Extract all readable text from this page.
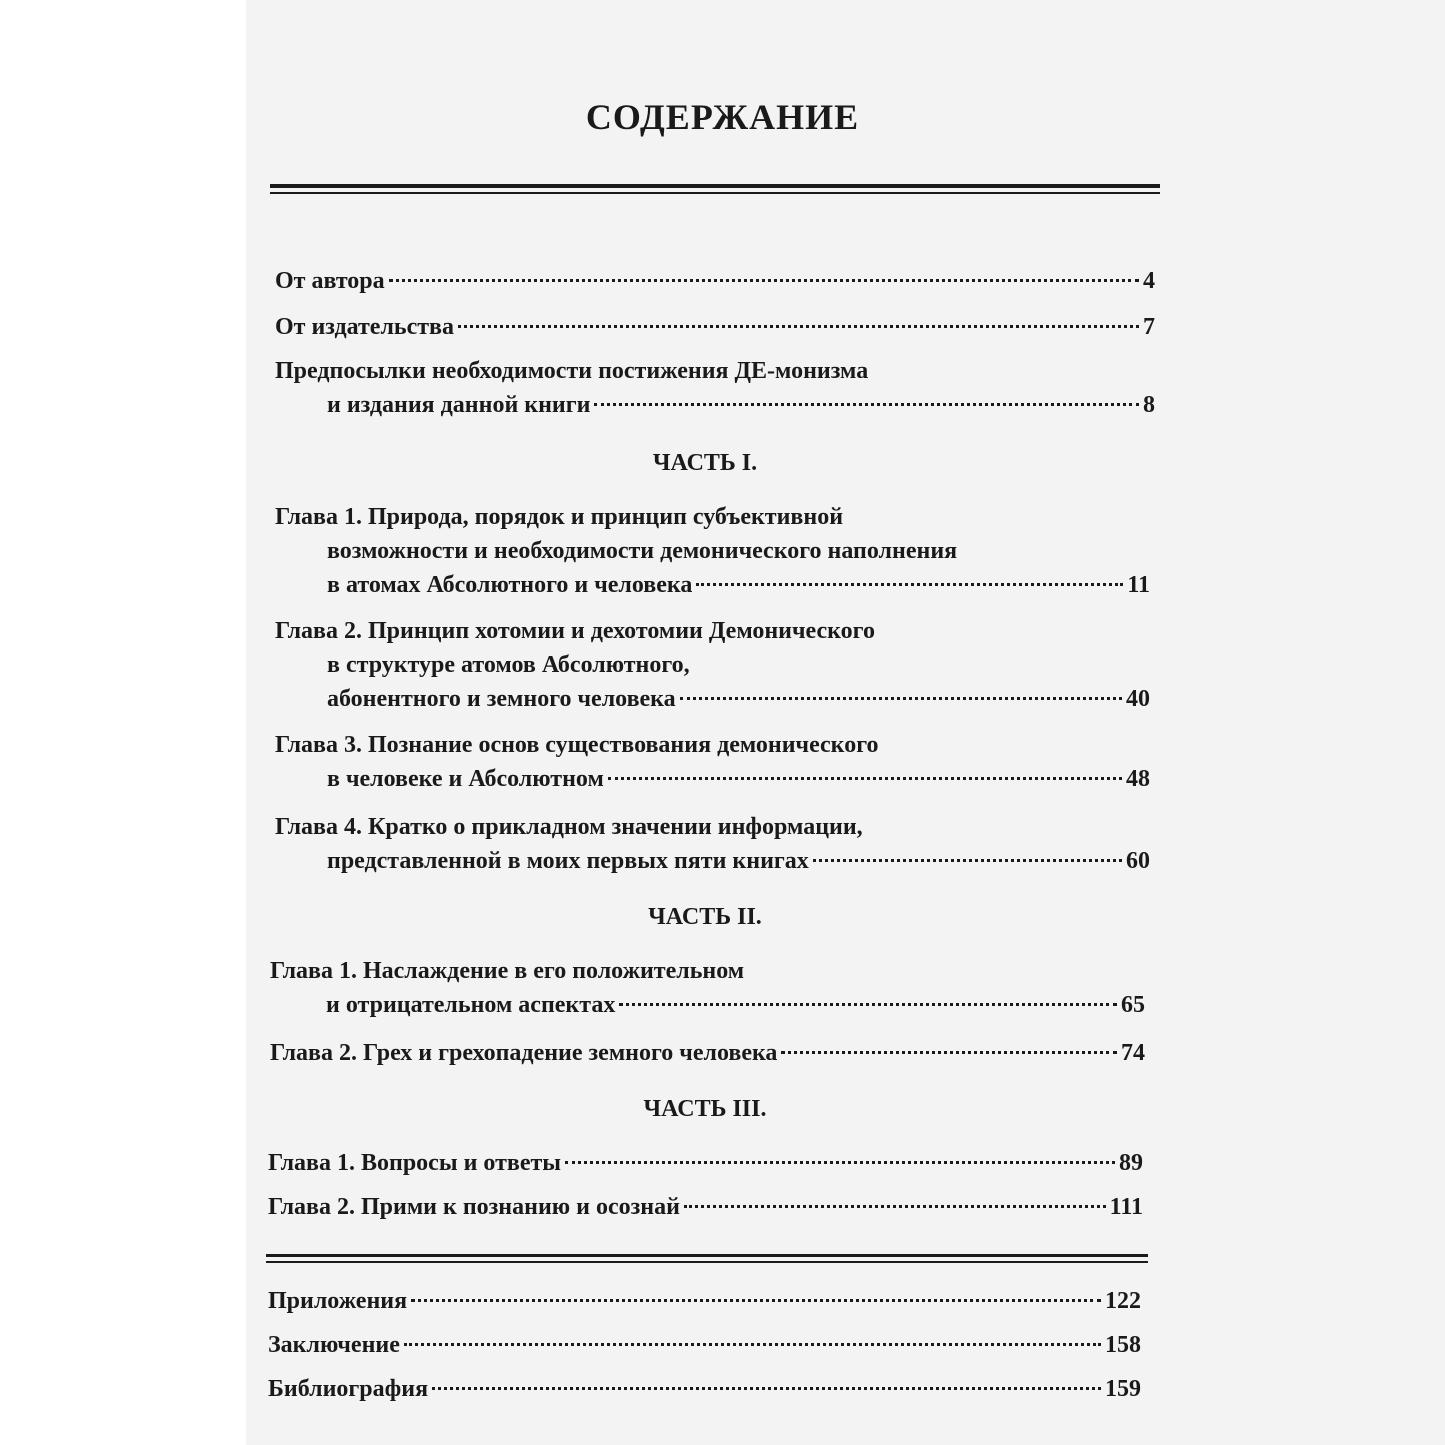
СОДЕРЖАНИЕ
От автора	4
От издательства	7
Предпосылки необходимости постижения ДЕ-монизма
и издания данной книги	8
ЧАСТЬ I.
Глава 1. Природа, порядок и принцип субъективной
возможности и необходимости демонического наполнения
в атомах Абсолютного и человека	11
Глава 2. Принцип хотомии и дехотомии Демонического
в структуре атомов Абсолютного,
абонентного и земного человека	40
Глава 3. Познание основ существования демонического
в человеке и Абсолютном	48
Глава 4. Кратко о прикладном значении информации,
представленной в моих первых пяти книгах	60
ЧАСТЬ II.
Глава 1. Наслаждение в его положительном
и отрицательном аспектах	65
Глава 2. Грех и грехопадение земного человека	74
ЧАСТЬ III.
Глава 1. Вопросы и ответы	89
Глава 2. Прими к познанию и осознай	111
Приложения	122
Заключение	158
Библиография	159
